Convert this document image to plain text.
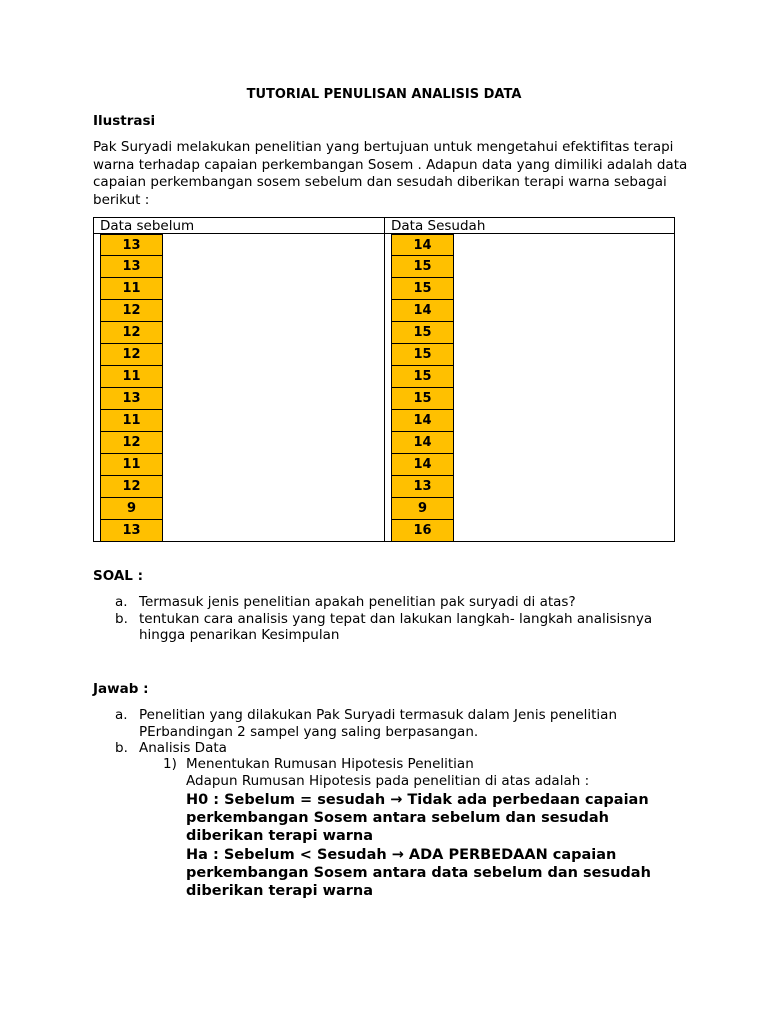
TUTORIAL PENULISAN ANALISIS DATA
Ilustrasi

Pak Suryadi melakukan penelitian yang bertujuan untuk mengetahui efektifitas terapi warna terhadap capaian perkembangan Sosem . Adapun data yang dimiliki adalah data capaian perkembangan sosem sebelum dan sesudah diberikan terapi warna sebagai berikut :

Data sebelum	Data Sesudah
13
13
11
12
12
12
11
13
11
12
11
12
9
13
14
15
15
14
15
15
15
15
14
14
14
13
9
16
SOAL :
a. Termasuk jenis penelitian apakah penelitian pak suryadi di atas?
b. tentukan cara analisis yang tepat dan lakukan langkah- langkah analisisnya hingga penarikan Kesimpulan
Jawab :
a. Penelitian yang dilakukan Pak Suryadi termasuk dalam Jenis penelitian PErbandingan 2 sampel yang saling berpasangan.
b. Analisis Data
1) Menentukan Rumusan Hipotesis Penelitian
Adapun Rumusan Hipotesis pada penelitian di atas adalah :
H0 : Sebelum = sesudah → Tidak ada perbedaan capaian perkembangan Sosem antara sebelum dan sesudah diberikan terapi warna
Ha : Sebelum < Sesudah → ADA PERBEDAAN capaian perkembangan Sosem antara data sebelum dan sesudah diberikan terapi warna
